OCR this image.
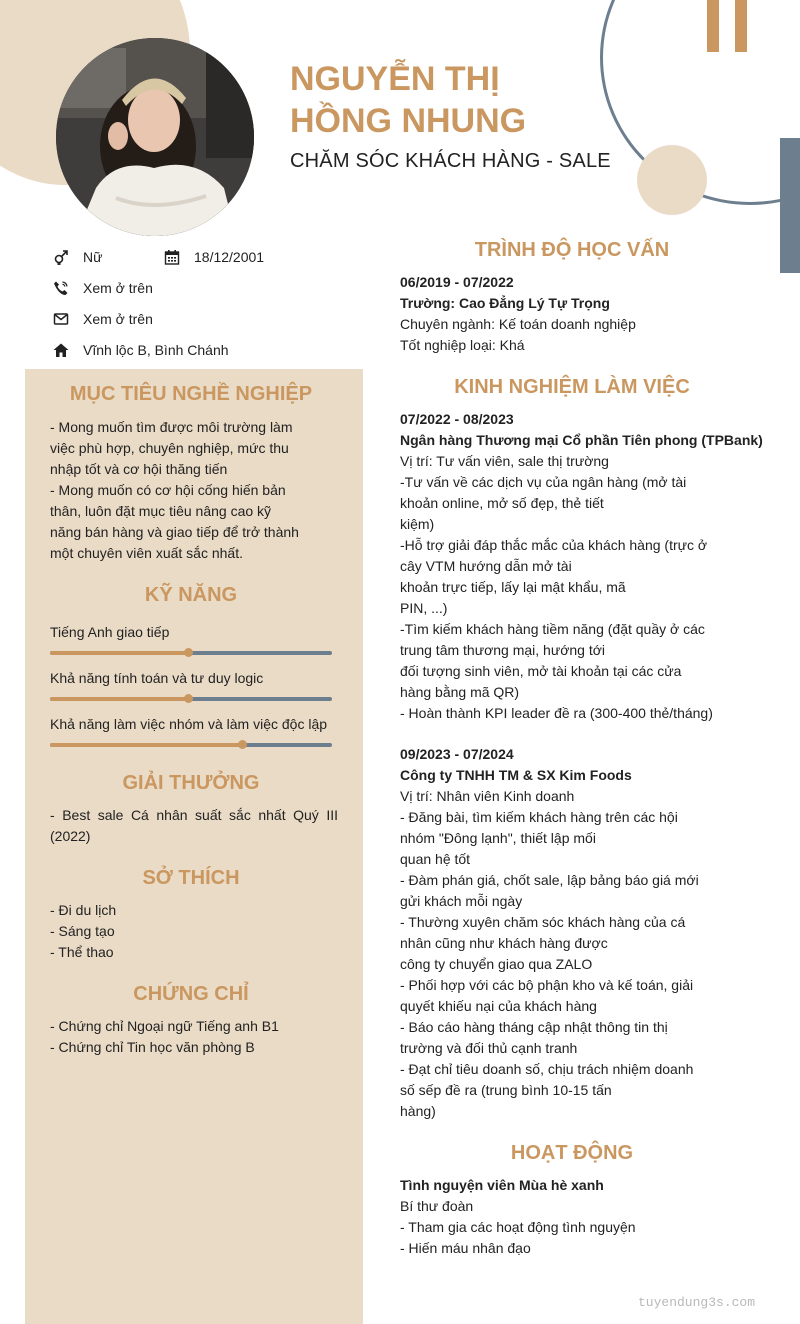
NGUYỄN THỊ
HỒNG NHUNG
CHĂM SÓC KHÁCH HÀNG - SALE
Nữ	18/12/2001
Xem ở trên
Xem ở trên
Vĩnh lộc B, Bình Chánh
MỤC TIÊU NGHỀ NGHIỆP
- Mong muốn tìm được môi trường làm
việc phù hợp, chuyên nghiệp, mức thu
nhập tốt và cơ hội thăng tiến
- Mong muốn có cơ hội cống hiến bản
thân, luôn đặt mục tiêu nâng cao kỹ
năng bán hàng và giao tiếp để trở thành
một chuyên viên xuất sắc nhất.
KỸ NĂNG
Tiếng Anh giao tiếp
Khả năng tính toán và tư duy logic
Khả năng làm việc nhóm và làm việc độc lập
GIẢI THƯỞNG
- Best sale Cá nhân suất sắc nhất Quý III
(2022)
SỞ THÍCH
- Đi du lịch
- Sáng tạo
- Thể thao
CHỨNG CHỈ
- Chứng chỉ Ngoại ngữ Tiếng anh B1
- Chứng chỉ Tin học văn phòng B
TRÌNH ĐỘ HỌC VẤN
06/2019 - 07/2022
Trường: Cao Đẳng Lý Tự Trọng
Chuyên ngành: Kế toán doanh nghiệp
Tốt nghiệp loại: Khá
KINH NGHIỆM LÀM VIỆC
07/2022 - 08/2023
Ngân hàng Thương mại Cổ phần Tiên phong (TPBank)
Vị trí: Tư vấn viên, sale thị trường
-Tư vấn về các dịch vụ của ngân hàng (mở tài
khoản online, mở số đẹp, thẻ tiết
kiệm)
-Hỗ trợ giải đáp thắc mắc của khách hàng (trực ở
cây VTM hướng dẫn mở tài
khoản trực tiếp, lấy lại mật khẩu, mã
PIN, ...)
-Tìm kiếm khách hàng tiềm năng (đặt quầy ở các
trung tâm thương mại, hướng tới
đối tượng sinh viên, mở tài khoản tại các cửa
hàng bằng mã QR)
- Hoàn thành KPI leader đề ra (300-400 thẻ/tháng)
09/2023 - 07/2024
Công ty TNHH TM & SX Kim Foods
Vị trí: Nhân viên Kinh doanh
- Đăng bài, tìm kiếm khách hàng trên các hội
nhóm "Đông lạnh", thiết lập mối
quan hệ tốt
- Đàm phán giá, chốt sale, lập bảng báo giá mới
gửi khách mỗi ngày
- Thường xuyên chăm sóc khách hàng của cá
nhân cũng như khách hàng được
công ty chuyển giao qua ZALO
- Phối hợp với các bộ phận kho và kế toán, giải
quyết khiếu nại của khách hàng
- Báo cáo hàng tháng cập nhật thông tin thị
trường và đối thủ cạnh tranh
- Đạt chỉ tiêu doanh số, chịu trách nhiệm doanh
số sếp đề ra (trung bình 10-15 tấn
hàng)
HOẠT ĐỘNG
Tình nguyện viên Mùa hè xanh
Bí thư đoàn
- Tham gia các hoạt động tình nguyện
- Hiến máu nhân đạo
tuyendung3s.com
